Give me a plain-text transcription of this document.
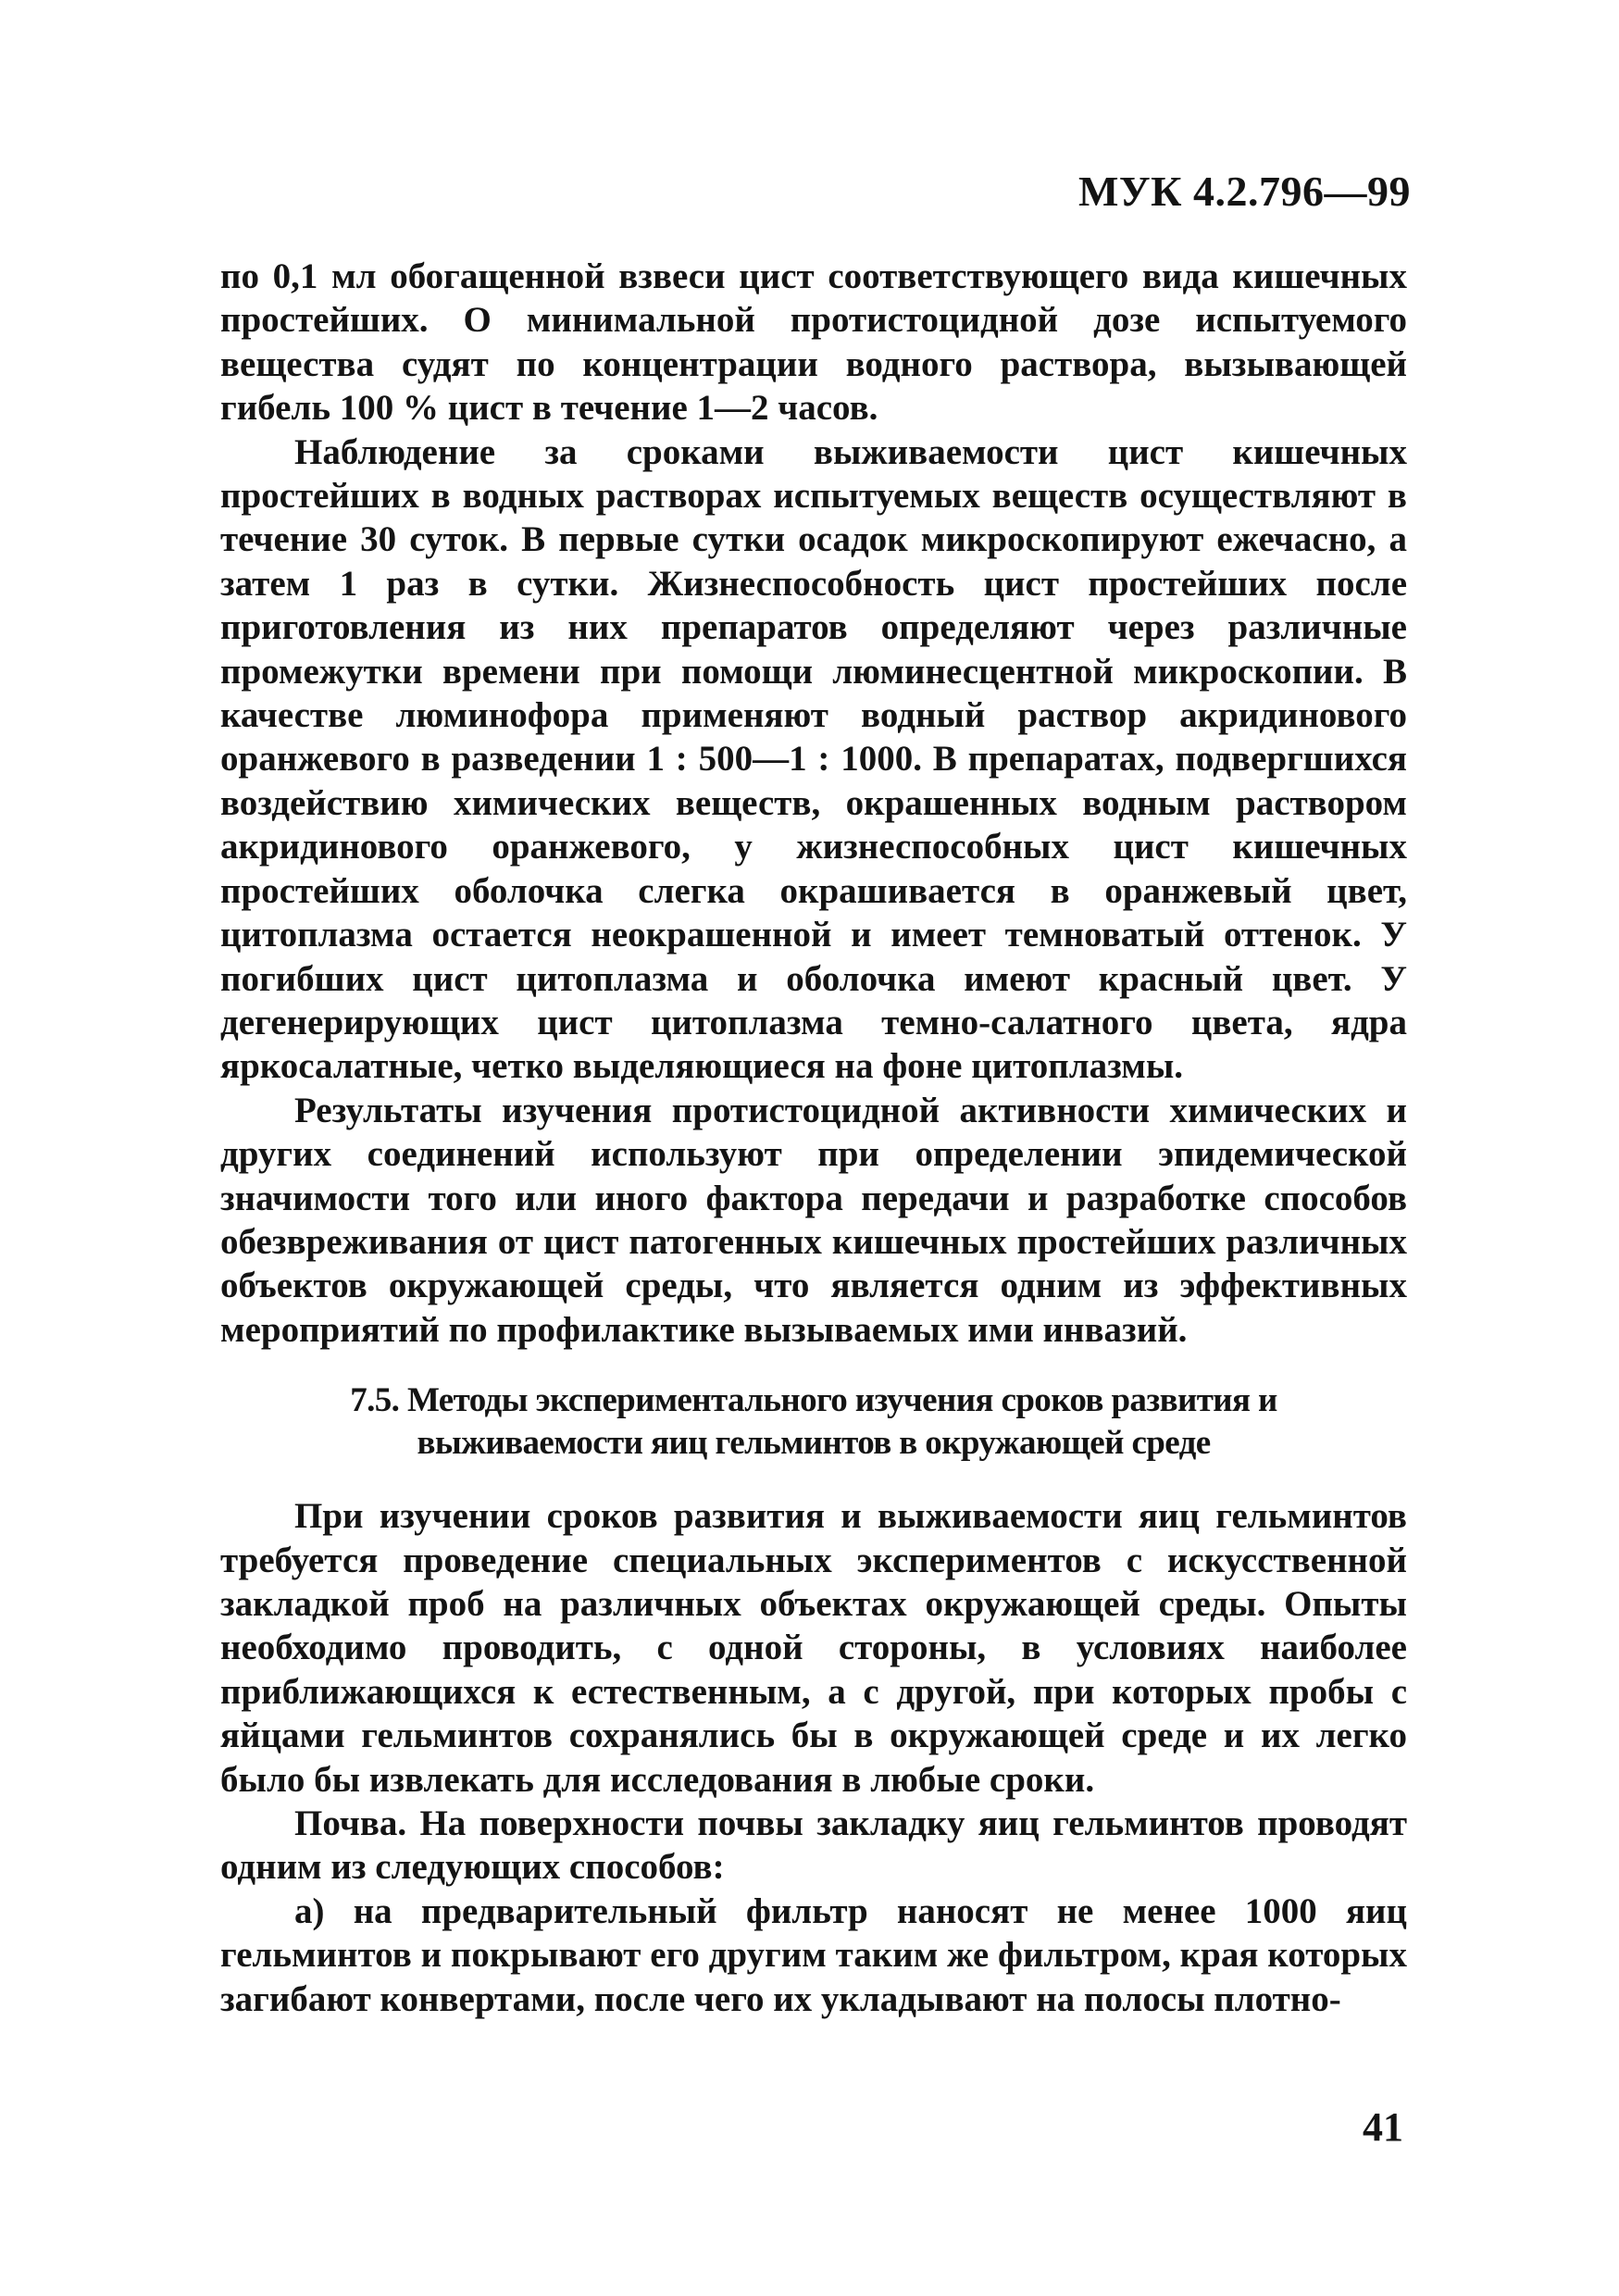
МУК 4.2.796—99

по 0,1 мл обогащенной взвеси цист соответствующего вида кишечных простейших. О минимальной протистоцидной дозе испытуемого вещества судят по концентрации водного раствора, вызывающей гибель 100 % цист в течение 1—2 часов.

Наблюдение за сроками выживаемости цист кишечных простейших в водных растворах испытуемых веществ осуществляют в течение 30 суток. В первые сутки осадок микроскопируют ежечасно, а затем 1 раз в сутки. Жизнеспособность цист простейших после приготовления из них препаратов определяют через различные промежутки времени при помощи люминесцентной микроскопии. В качестве люминофора применяют водный раствор акридинового оранжевого в разведении 1 : 500—1 : 1000. В препаратах, подвергшихся воздействию химических веществ, окрашенных водным раствором акридинового оранжевого, у жизнеспособных цист кишечных простейших оболочка слегка окрашивается в оранжевый цвет, цитоплазма остается неокрашенной и имеет темноватый оттенок. У погибших цист цитоплазма и оболочка имеют красный цвет. У дегенерирующих цист цитоплазма темно-салатного цвета, ядра яркосалатные, четко выделяющиеся на фоне цитоплазмы.

Результаты изучения протистоцидной активности химических и других соединений используют при определении эпидемической значимости того или иного фактора передачи и разработке способов обезвреживания от цист патогенных кишечных простейших различных объектов окружающей среды, что является одним из эффективных мероприятий по профилактике вызываемых ими инвазий.

7.5. Методы экспериментального изучения сроков развития и
выживаемости яиц гельминтов в окружающей среде

При изучении сроков развития и выживаемости яиц гельминтов требуется проведение специальных экспериментов с искусственной закладкой проб на различных объектах окружающей среды. Опыты необходимо проводить, с одной стороны, в условиях наиболее приближающихся к естественным, а с другой, при которых пробы с яйцами гельминтов сохранялись бы в окружающей среде и их легко было бы извлекать для исследования в любые сроки.

Почва. На поверхности почвы закладку яиц гельминтов проводят одним из следующих способов:

а) на предварительный фильтр наносят не менее 1000 яиц гельминтов и покрывают его другим таким же фильтром, края которых загибают конвертами, после чего их укладывают на полосы плотно-

41
